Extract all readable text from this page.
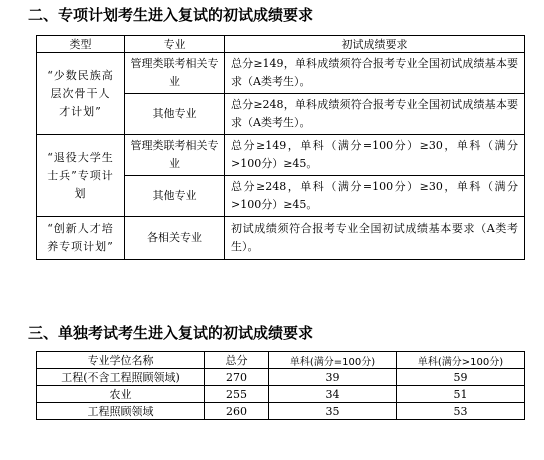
二、专项计划考生进入复试的初试成绩要求
类型	专业	初试成绩要求
“少数民族高层次骨干人才计划”	管理类联考相关专业	总分≥149，单科成绩须符合报考专业全国初试成绩基本要求（A类考生）。
	其他专业	总分≥248，单科成绩须符合报考专业全国初试成绩基本要求（A类考生）。
“退役大学生士兵”专项计划	管理类联考相关专业	总分≥149，单科（满分=100分）≥30，单科（满分>100分）≥45。
	其他专业	总分≥248，单科（满分=100分）≥30，单科（满分>100分）≥45。
“创新人才培养专项计划”	各相关专业	初试成绩须符合报考专业全国初试成绩基本要求（A类考生）。
三、单独考试考生进入复试的初试成绩要求
专业学位名称	总分	单科(满分=100分)	单科(满分>100分)
工程(不含工程照顾领域)	270	39	59
农业	255	34	51
工程照顾领域	260	35	53
